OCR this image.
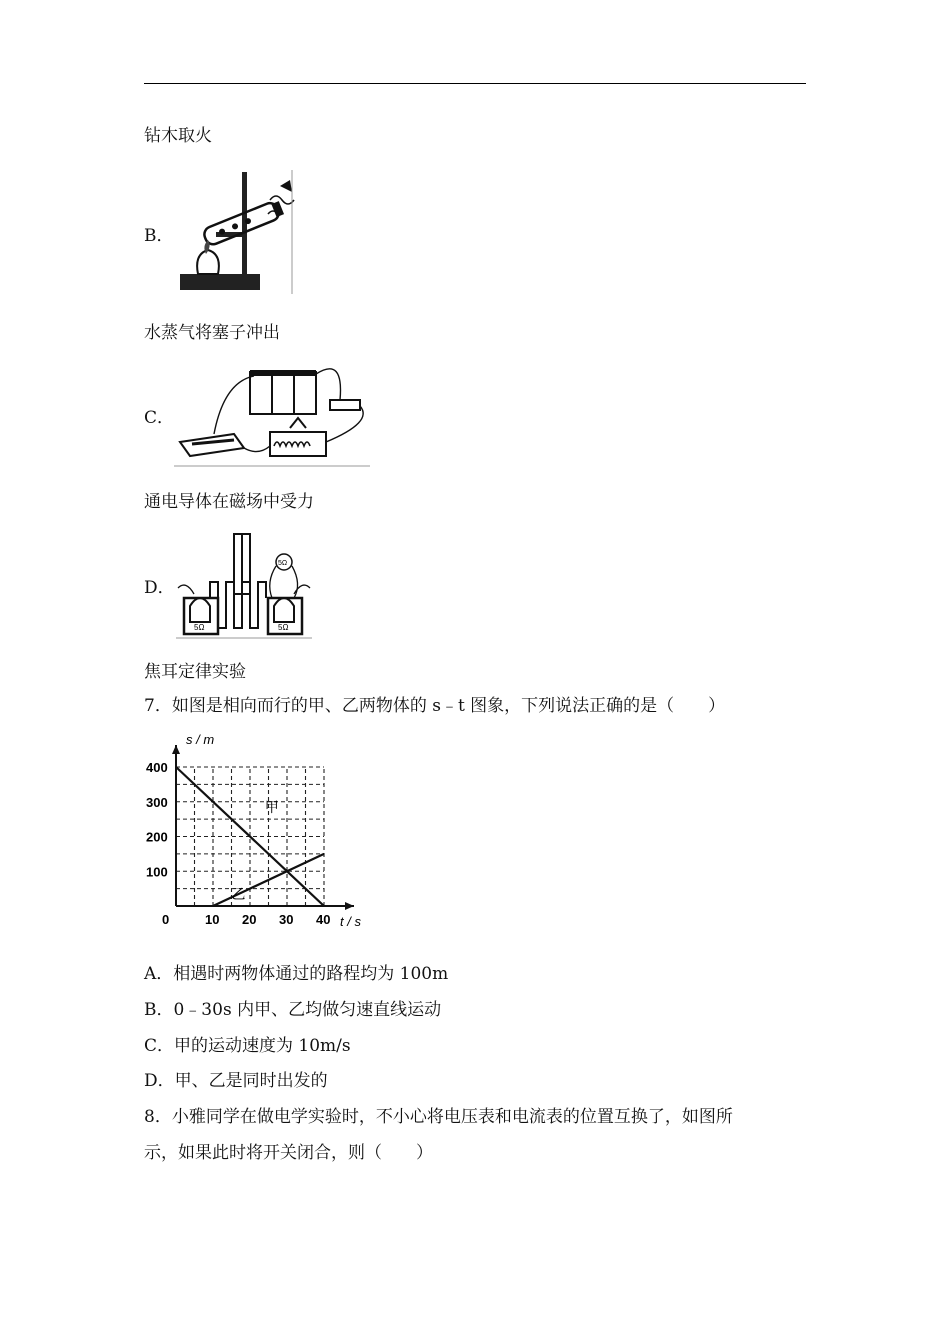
钻木取火
B．
水蒸气将塞子冲出
C．
通电导体在磁场中受力
D．
5Ω	5Ω
5Ω
焦耳定律实验
7．如图是相向而行的甲、乙两物体的 s﹣t 图象，下列说法正确的是（　　）
s / m
t / s
0	10 20 30 40
100
200
300
400
甲
乙
A．相遇时两物体通过的路程均为 100m
B．0﹣30s 内甲、乙均做匀速直线运动
C．甲的运动速度为 10m/s
D．甲、乙是同时出发的
8．小雅同学在做电学实验时，不小心将电压表和电流表的位置互换了，如图所
示，如果此时将开关闭合，则（　　）
